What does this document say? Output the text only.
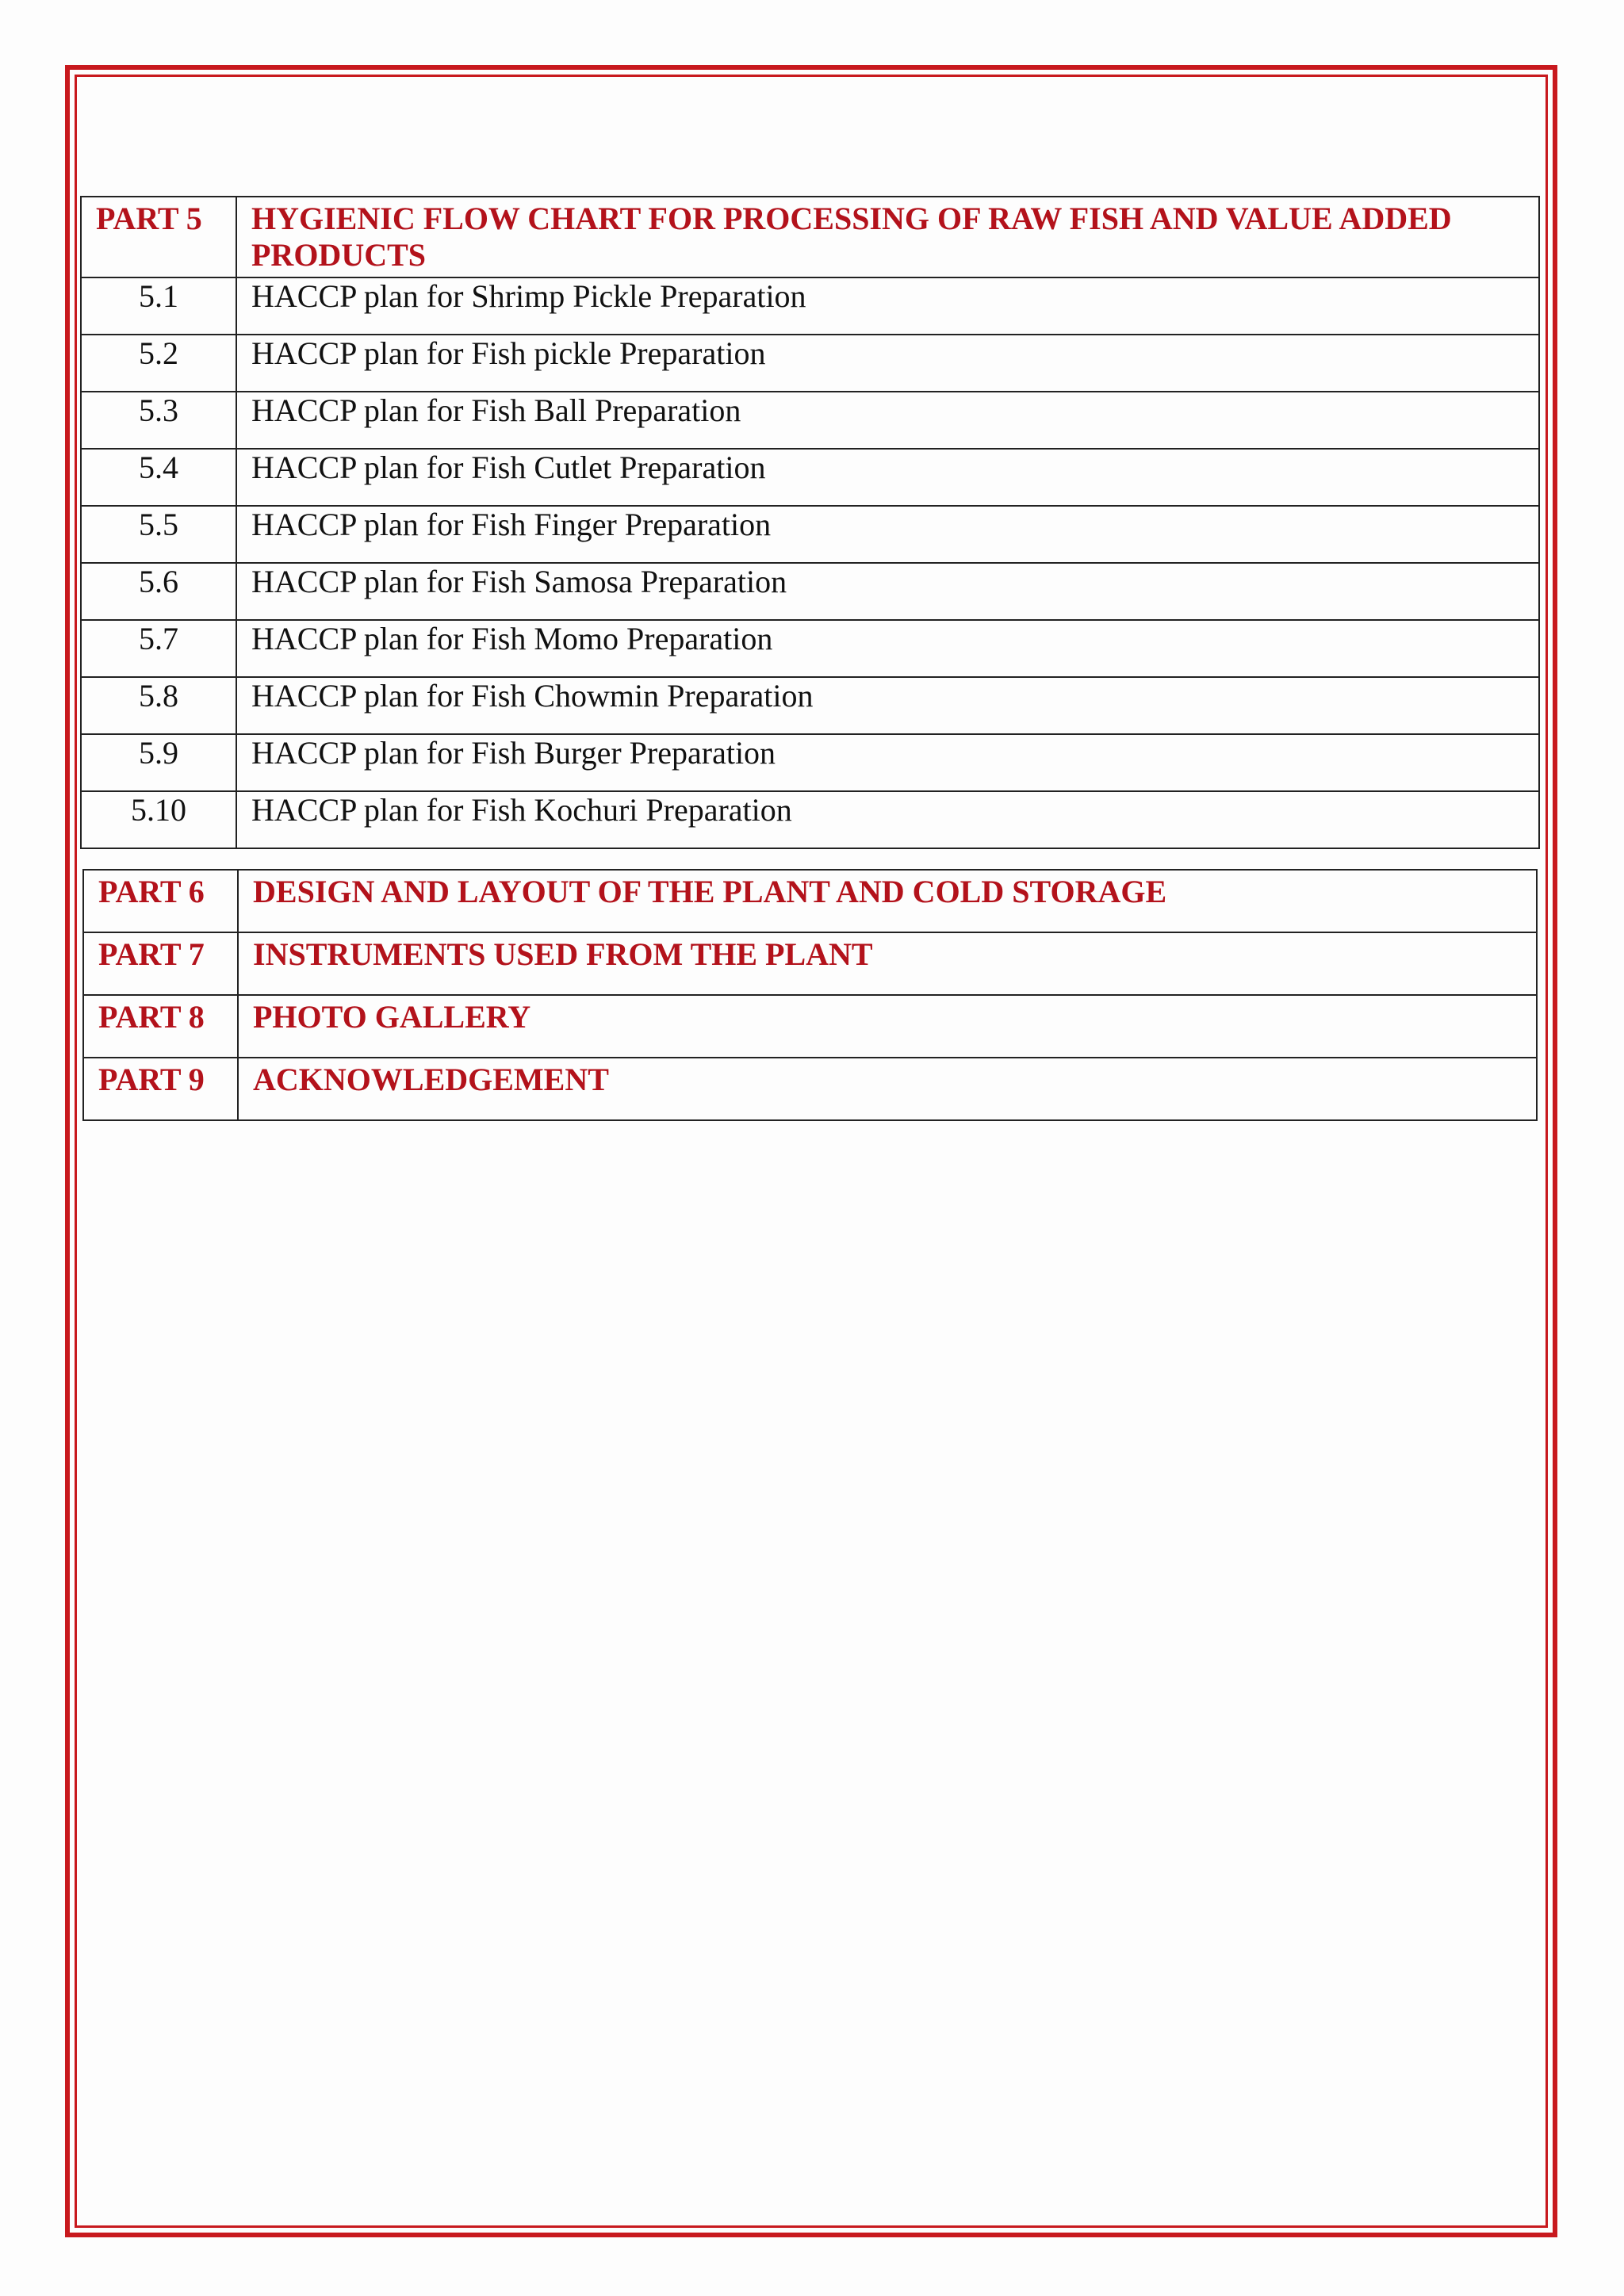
PART 5	HYGIENIC FLOW CHART FOR PROCESSING OF RAW FISH AND VALUE ADDED PRODUCTS
5.1	HACCP plan for Shrimp Pickle Preparation
5.2	HACCP plan for Fish pickle Preparation
5.3	HACCP plan for Fish Ball Preparation
5.4	HACCP plan for Fish Cutlet Preparation
5.5	HACCP plan for Fish Finger Preparation
5.6	HACCP plan for Fish Samosa Preparation
5.7	HACCP plan for Fish Momo Preparation
5.8	HACCP plan for Fish Chowmin Preparation
5.9	HACCP plan for Fish Burger Preparation
5.10	HACCP plan for Fish Kochuri Preparation
PART 6	DESIGN AND LAYOUT OF THE PLANT AND COLD STORAGE
PART 7	INSTRUMENTS USED FROM THE PLANT
PART 8	PHOTO GALLERY
PART 9	ACKNOWLEDGEMENT
